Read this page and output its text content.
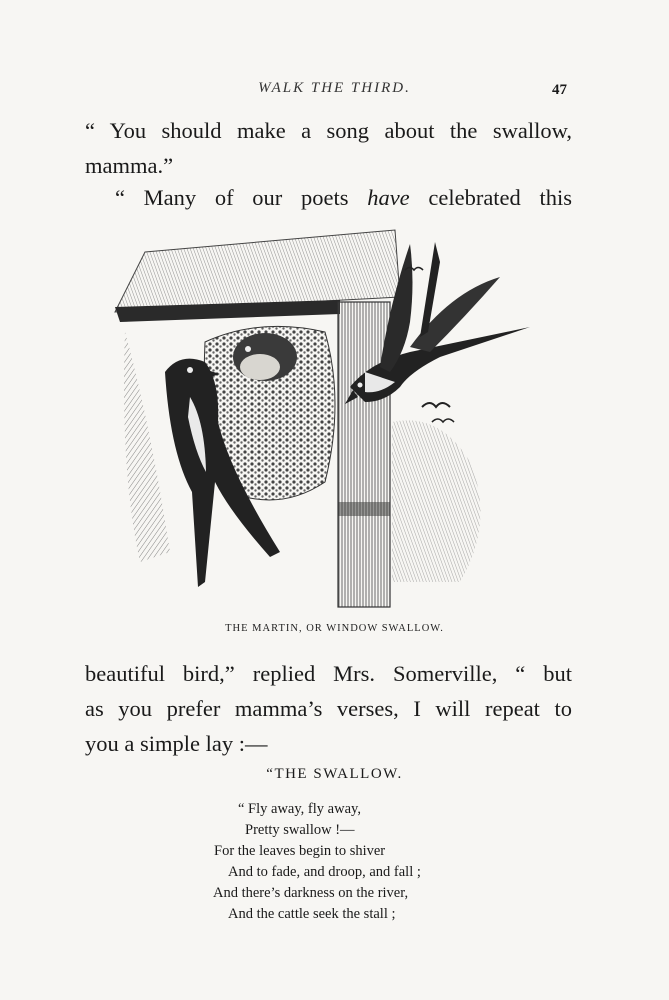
WALK THE THIRD.	47

“ You should make a song about the swallow,
mamma.”

“ Many of our poets have celebrated this

THE MARTIN, OR WINDOW SWALLOW.

beautiful bird,” replied Mrs. Somerville, “ but
as you prefer mamma’s verses, I will repeat to
you a simple lay :—

“THE SWALLOW.
“ Fly away, fly away,
Pretty swallow !—
For the leaves begin to shiver
And to fade, and droop, and fall ;
And there’s darkness on the river,
And the cattle seek the stall ;
